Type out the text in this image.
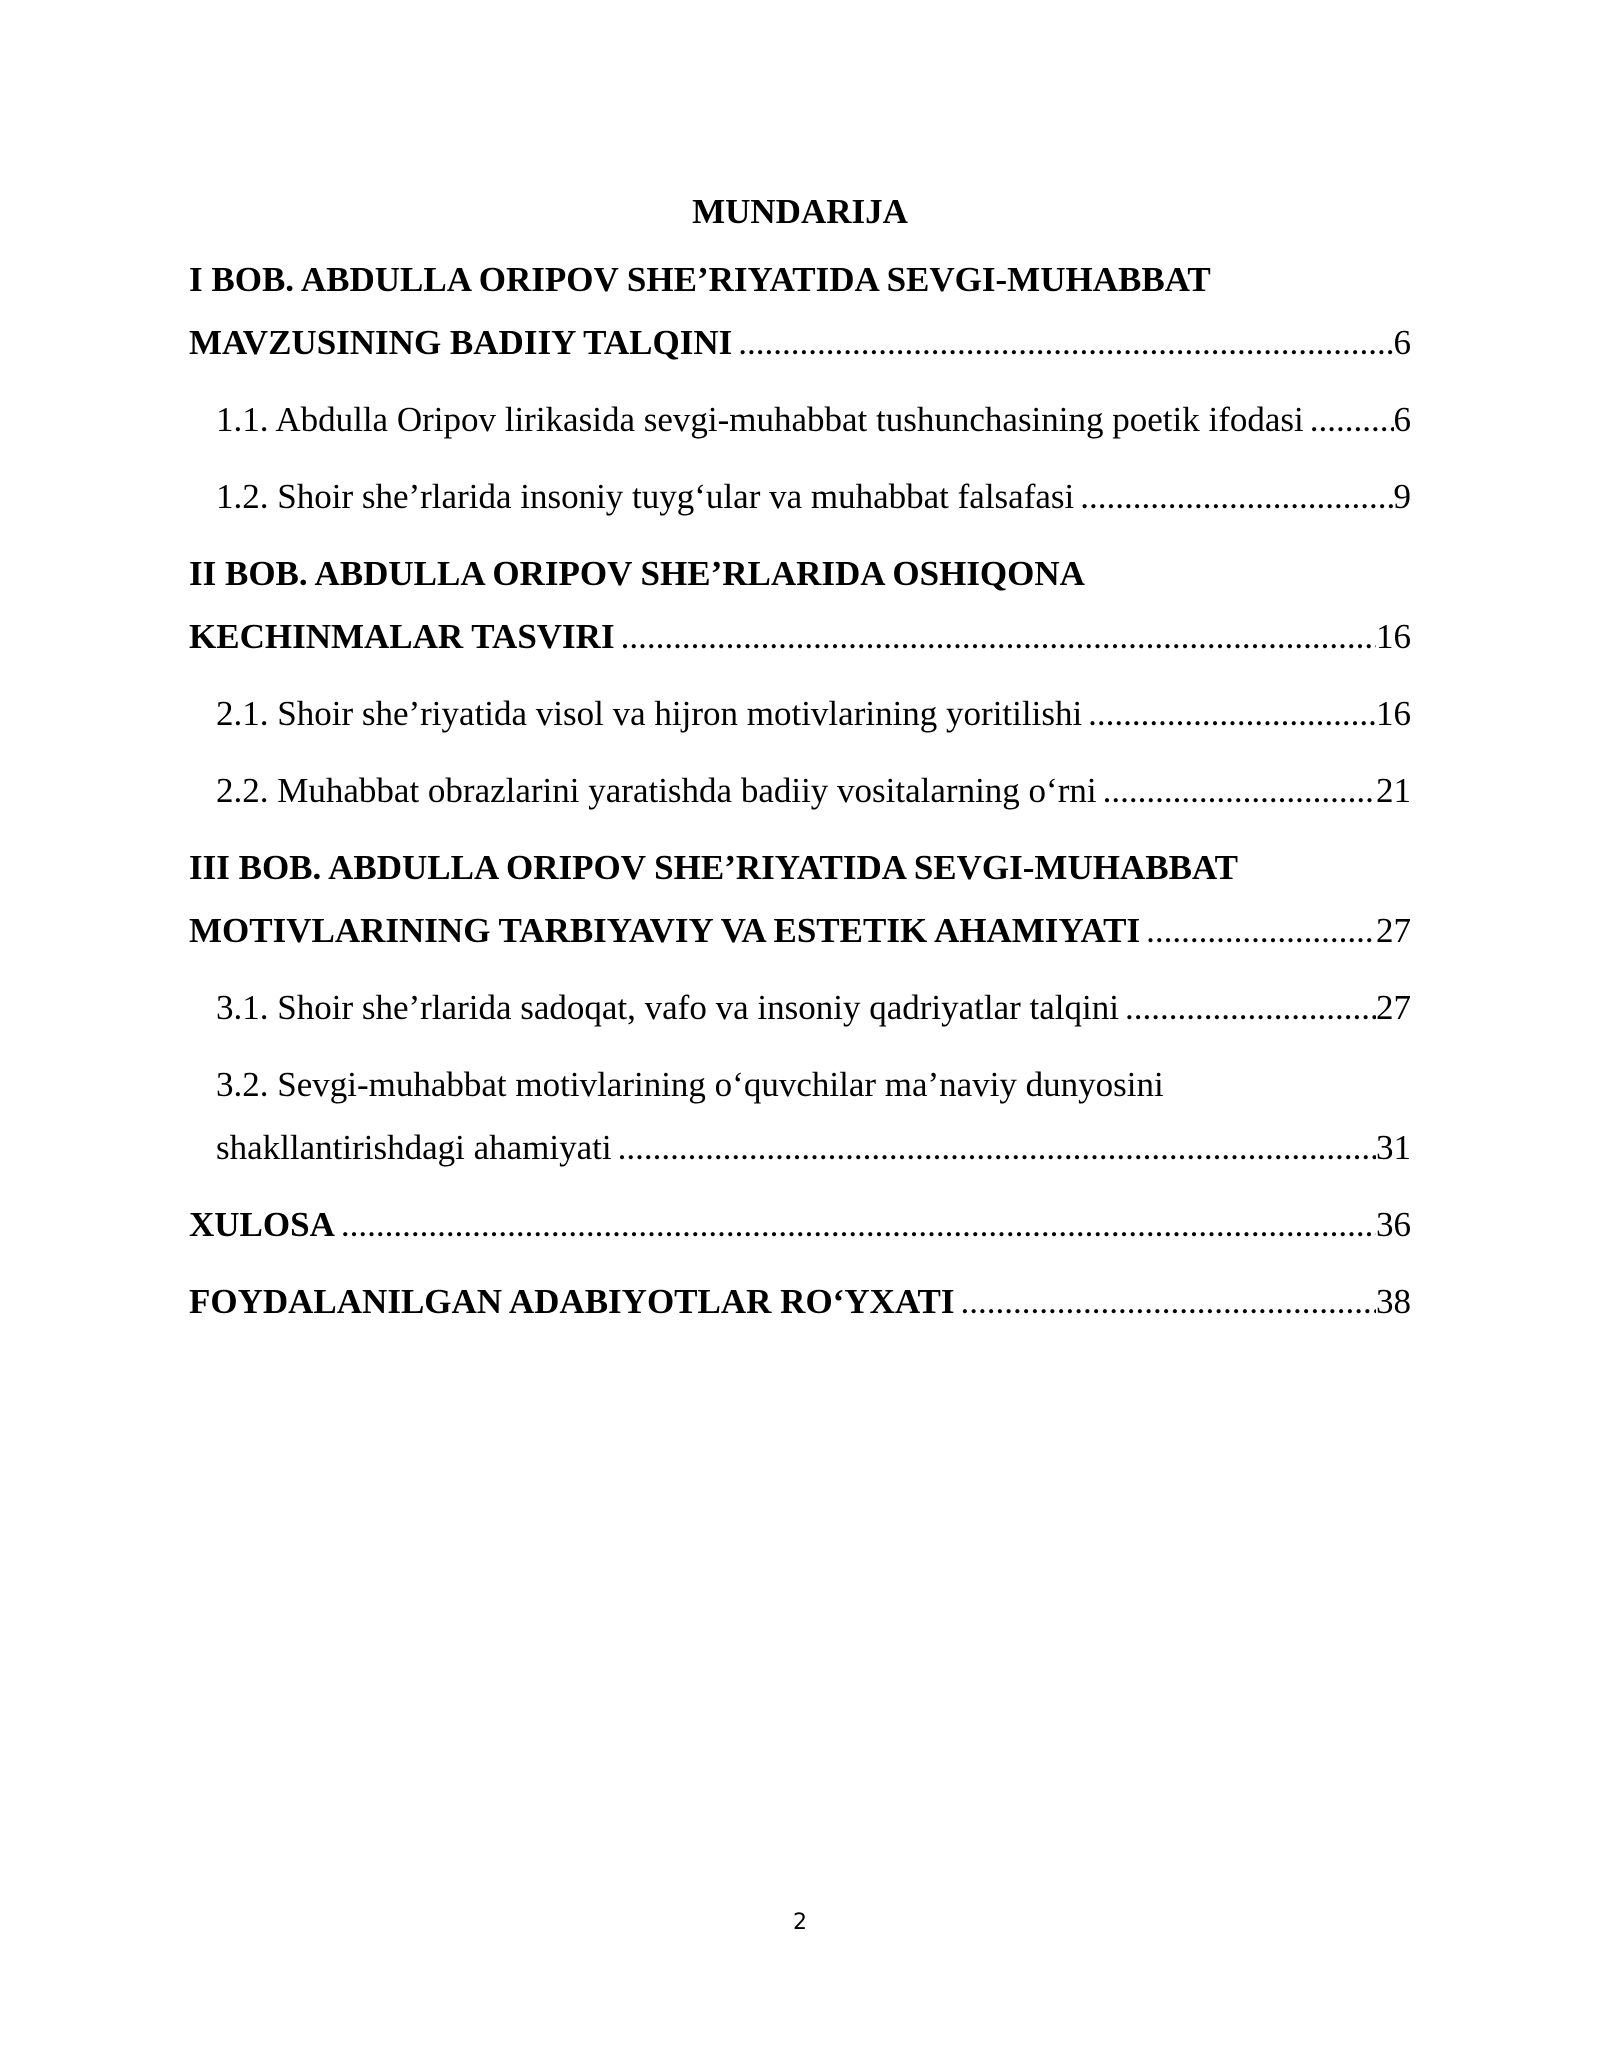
MUNDARIJA
I BOB. ABDULLA ORIPOV SHE’RIYATIDA SEVGI-MUHABBAT
MAVZUSINING BADIIY TALQINI .....	6
1.1. Abdulla Oripov lirikasida sevgi-muhabbat tushunchasining poetik ifodasi .....	6
1.2. Shoir she’rlarida insoniy tuyg‘ular va muhabbat falsafasi .....	9
II BOB. ABDULLA ORIPOV SHE’RLARIDA OSHIQONA
KECHINMALAR TASVIRI .....	16
2.1. Shoir she’riyatida visol va hijron motivlarining yoritilishi .....	16
2.2. Muhabbat obrazlarini yaratishda badiiy vositalarning o‘rni .....	21
III BOB. ABDULLA ORIPOV SHE’RIYATIDA SEVGI-MUHABBAT
MOTIVLARINING TARBIYAVIY VA ESTETIK AHAMIYATI .....	27
3.1. Shoir she’rlarida sadoqat, vafo va insoniy qadriyatlar talqini .....	27
3.2. Sevgi-muhabbat motivlarining o‘quvchilar ma’naviy dunyosini
shakllantirishdagi ahamiyati .....	31
XULOSA .....	36
FOYDALANILGAN ADABIYOTLAR RO‘YXATI .....	38
2
